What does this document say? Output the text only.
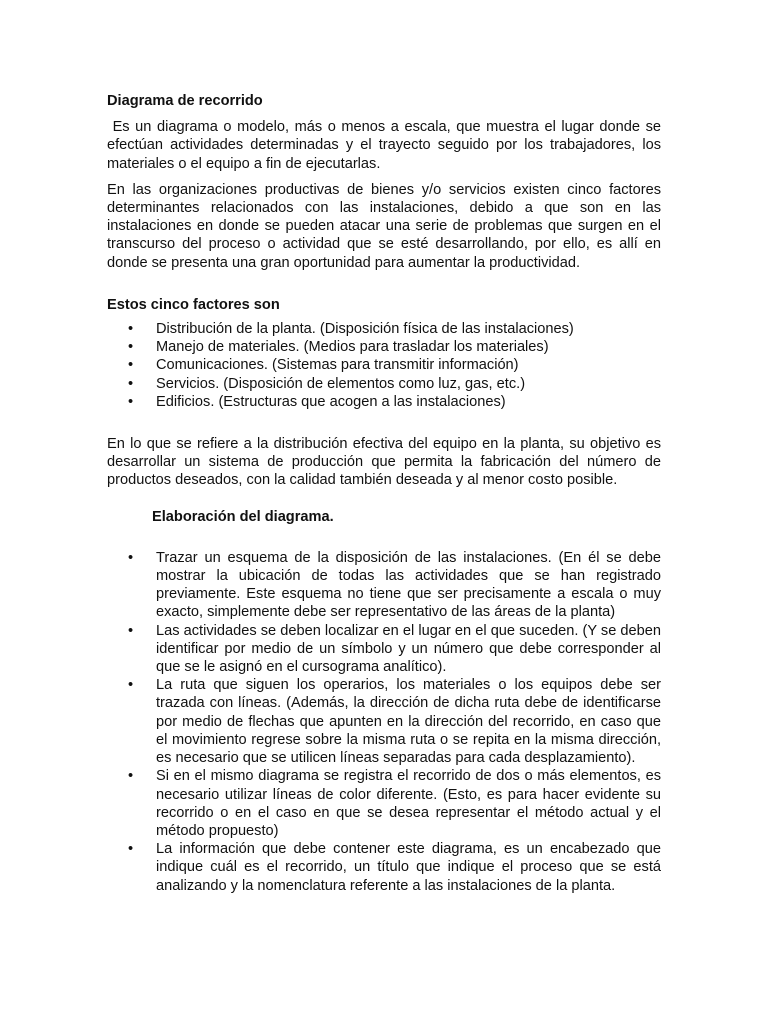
Diagrama de recorrido

Es un diagrama o modelo, más o menos a escala, que muestra el lugar donde se efectúan actividades determinadas y el trayecto seguido por los trabajadores, los materiales o el equipo a fin de ejecutarlas.

En las organizaciones productivas de bienes y/o servicios existen cinco factores determinantes relacionados con las instalaciones, debido a que son en las instalaciones en donde se pueden atacar una serie de problemas que surgen en el transcurso del proceso o actividad que se esté desarrollando, por ello, es allí en donde se presenta una gran oportunidad para aumentar la productividad.

Estos cinco factores son
• Distribución de la planta. (Disposición física de las instalaciones)
• Manejo de materiales. (Medios para trasladar los materiales)
• Comunicaciones. (Sistemas para transmitir información)
• Servicios. (Disposición de elementos como luz, gas, etc.)
• Edificios. (Estructuras que acogen a las instalaciones)

En lo que se refiere a la distribución efectiva del equipo en la planta, su objetivo es desarrollar un sistema de producción que permita la fabricación del número de productos deseados, con la calidad también deseada y al menor costo posible.

Elaboración del diagrama.
• Trazar un esquema de la disposición de las instalaciones. (En él se debe mostrar la ubicación de todas las actividades que se han registrado previamente. Este esquema no tiene que ser precisamente a escala o muy exacto, simplemente debe ser representativo de las áreas de la planta)
• Las actividades se deben localizar en el lugar en el que suceden. (Y se deben identificar por medio de un símbolo y un número que debe corresponder al que se le asignó en el cursograma analítico).
• La ruta que siguen los operarios, los materiales o los equipos debe ser trazada con líneas. (Además, la dirección de dicha ruta debe de identificarse por medio de flechas que apunten en la dirección del recorrido, en caso que el movimiento regrese sobre la misma ruta o se repita en la misma dirección, es necesario que se utilicen líneas separadas para cada desplazamiento).
• Si en el mismo diagrama se registra el recorrido de dos o más elementos, es necesario utilizar líneas de color diferente. (Esto, es para hacer evidente su recorrido o en el caso en que se desea representar el método actual y el método propuesto)
• La información que debe contener este diagrama, es un encabezado que indique cuál es el recorrido, un título que indique el proceso que se está analizando y la nomenclatura referente a las instalaciones de la planta.
